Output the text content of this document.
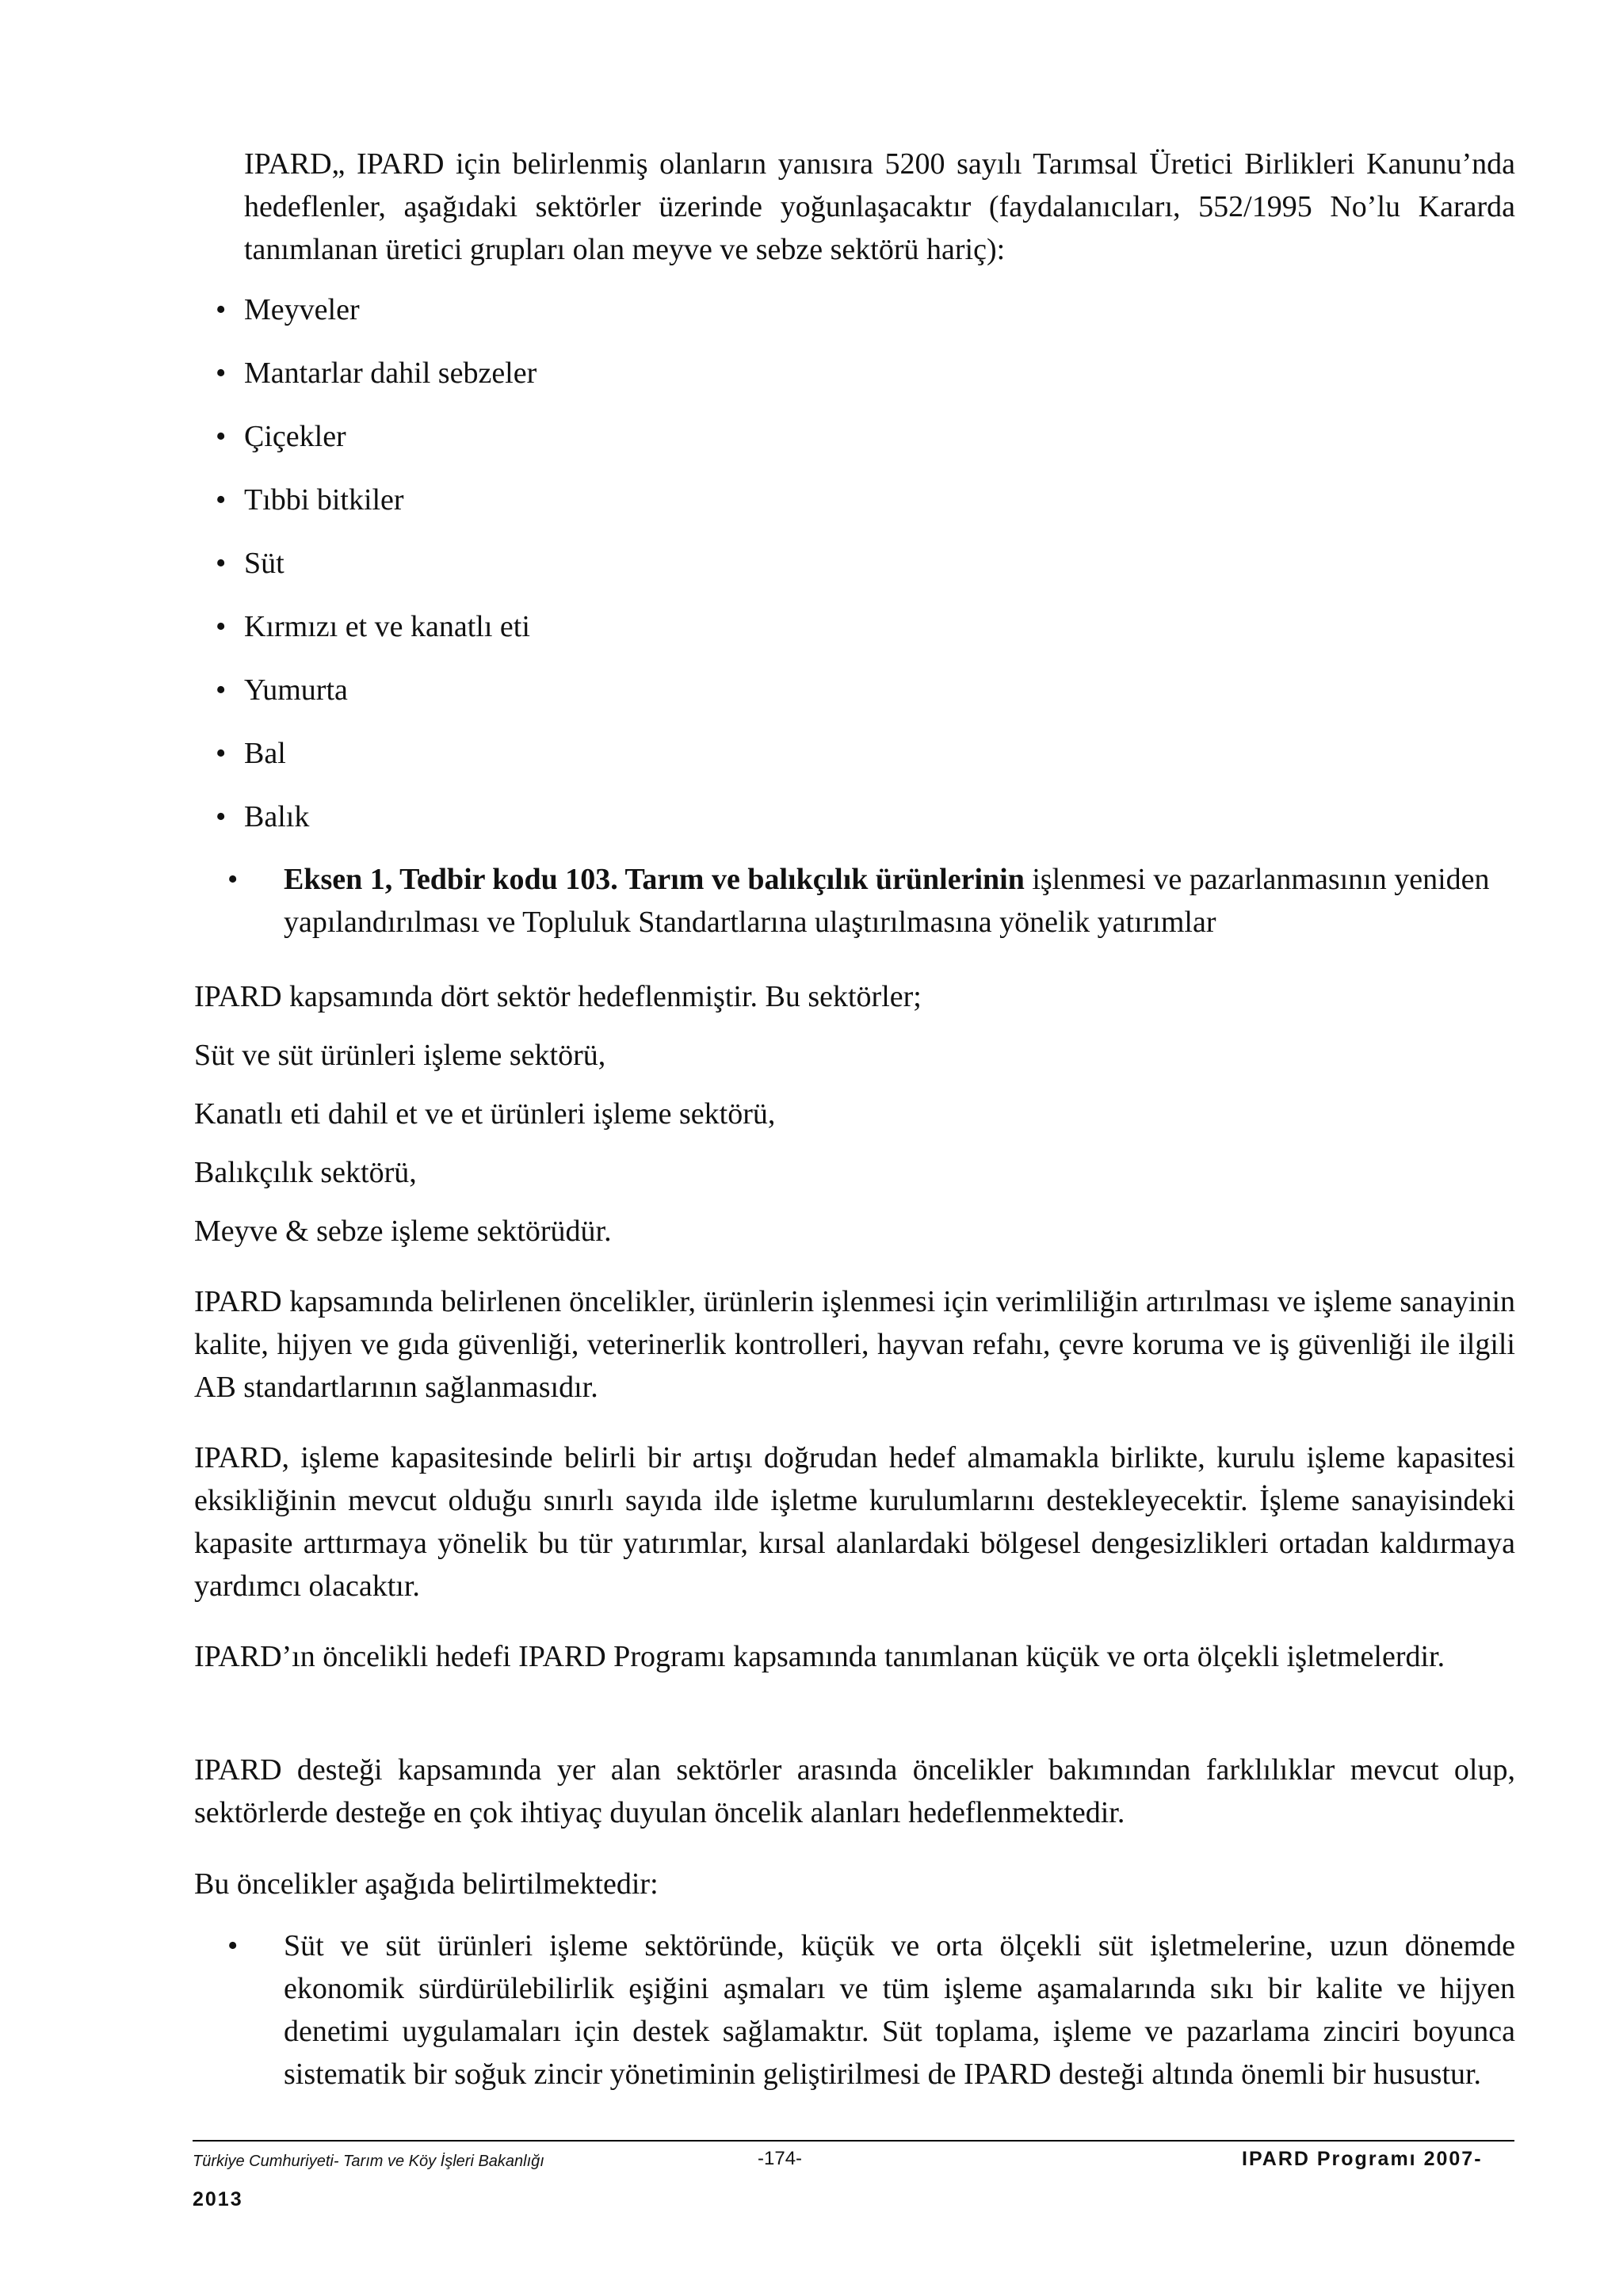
IPARD„ IPARD için belirlenmiş olanların yanısıra 5200 sayılı Tarımsal Üretici Birlikleri Kanunu’nda hedeflenler, aşağıdaki sektörler üzerinde yoğunlaşacaktır (faydalanıcıları, 552/1995 No’lu Kararda tanımlanan üretici grupları olan meyve ve sebze sektörü hariç):
• Meyveler
• Mantarlar dahil sebzeler
• Çiçekler
• Tıbbi bitkiler
• Süt
• Kırmızı et ve kanatlı eti
• Yumurta
• Bal
• Balık
• Eksen 1, Tedbir kodu 103. Tarım ve balıkçılık ürünlerinin işlenmesi ve pazarlanmasının yeniden yapılandırılması ve Topluluk Standartlarına ulaştırılmasına yönelik yatırımlar
IPARD kapsamında dört sektör hedeflenmiştir. Bu sektörler;
Süt ve süt ürünleri işleme sektörü,
Kanatlı eti dahil et ve et ürünleri işleme sektörü,
Balıkçılık sektörü,
Meyve & sebze işleme sektörüdür.
IPARD kapsamında belirlenen öncelikler, ürünlerin işlenmesi için verimliliğin artırılması ve işleme sanayinin kalite, hijyen ve gıda güvenliği, veterinerlik kontrolleri, hayvan refahı, çevre koruma ve iş güvenliği ile ilgili AB standartlarının sağlanmasıdır.
IPARD, işleme kapasitesinde belirli bir artışı doğrudan hedef almamakla birlikte, kurulu işleme kapasitesi eksikliğinin mevcut olduğu sınırlı sayıda ilde işletme kurulumlarını destekleyecektir. İşleme sanayisindeki kapasite arttırmaya yönelik bu tür yatırımlar, kırsal alanlardaki bölgesel dengesizlikleri ortadan kaldırmaya yardımcı olacaktır.
IPARD’ın öncelikli hedefi IPARD Programı kapsamında tanımlanan küçük ve orta ölçekli işletmelerdir.
IPARD desteği kapsamında yer alan sektörler arasında öncelikler bakımından farklılıklar mevcut olup, sektörlerde desteğe en çok ihtiyaç duyulan öncelik alanları hedeflenmektedir.
Bu öncelikler aşağıda belirtilmektedir:
• Süt ve süt ürünleri işleme sektöründe, küçük ve orta ölçekli süt işletmelerine, uzun dönemde ekonomik sürdürülebilirlik eşiğini aşmaları ve tüm işleme aşamalarında sıkı bir kalite ve hijyen denetimi uygulamaları için destek sağlamaktır. Süt toplama, işleme ve pazarlama zinciri boyunca sistematik bir soğuk zincir yönetiminin geliştirilmesi de IPARD desteği altında önemli bir husustur.
Türkiye Cumhuriyeti- Tarım ve Köy İşleri Bakanlığı	-174-	IPARD Programı 2007-
2013
